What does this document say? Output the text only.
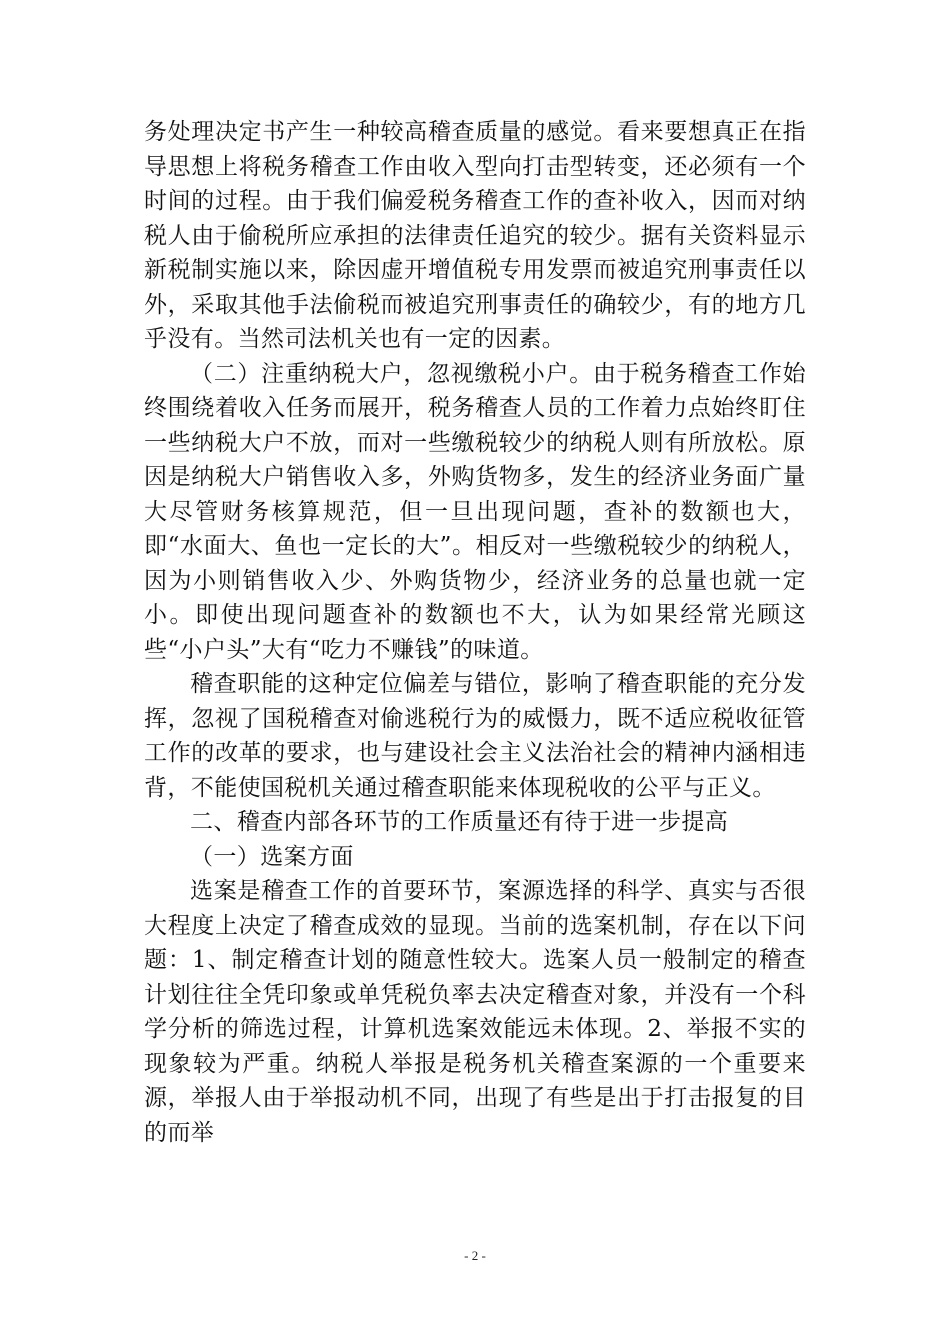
务处理决定书产生一种较高稽查质量的感觉。看来要想真正在指导思想上将税务稽查工作由收入型向打击型转变，还必须有一个时间的过程。由于我们偏爱税务稽查工作的查补收入，因而对纳税人由于偷税所应承担的法律责任追究的较少。据有关资料显示新税制实施以来，除因虚开增值税专用发票而被追究刑事责任以外，采取其他手法偷税而被追究刑事责任的确较少，有的地方几乎没有。当然司法机关也有一定的因素。

（二）注重纳税大户，忽视缴税小户。由于税务稽查工作始终围绕着收入任务而展开，税务稽查人员的工作着力点始终盯住一些纳税大户不放，而对一些缴税较少的纳税人则有所放松。原因是纳税大户销售收入多，外购货物多，发生的经济业务面广量大尽管财务核算规范，但一旦出现问题，查补的数额也大，即“水面大、鱼也一定长的大”。相反对一些缴税较少的纳税人，因为小则销售收入少、外购货物少，经济业务的总量也就一定小。即使出现问题查补的数额也不大，认为如果经常光顾这些“小户头”大有“吃力不赚钱”的味道。

稽查职能的这种定位偏差与错位，影响了稽查职能的充分发挥，忽视了国税稽查对偷逃税行为的威慑力，既不适应税收征管工作的改革的要求，也与建设社会主义法治社会的精神内涵相违背，不能使国税机关通过稽查职能来体现税收的公平与正义。

二、稽查内部各环节的工作质量还有待于进一步提高

（一）选案方面

选案是稽查工作的首要环节，案源选择的科学、真实与否很大程度上决定了稽查成效的显现。当前的选案机制，存在以下问题：1、制定稽查计划的随意性较大。选案人员一般制定的稽查计划往往全凭印象或单凭税负率去决定稽查对象，并没有一个科学分析的筛选过程，计算机选案效能远未体现。2、举报不实的现象较为严重。纳税人举报是税务机关稽查案源的一个重要来源，举报人由于举报动机不同，出现了有些是出于打击报复的目的而举

- 2 -
